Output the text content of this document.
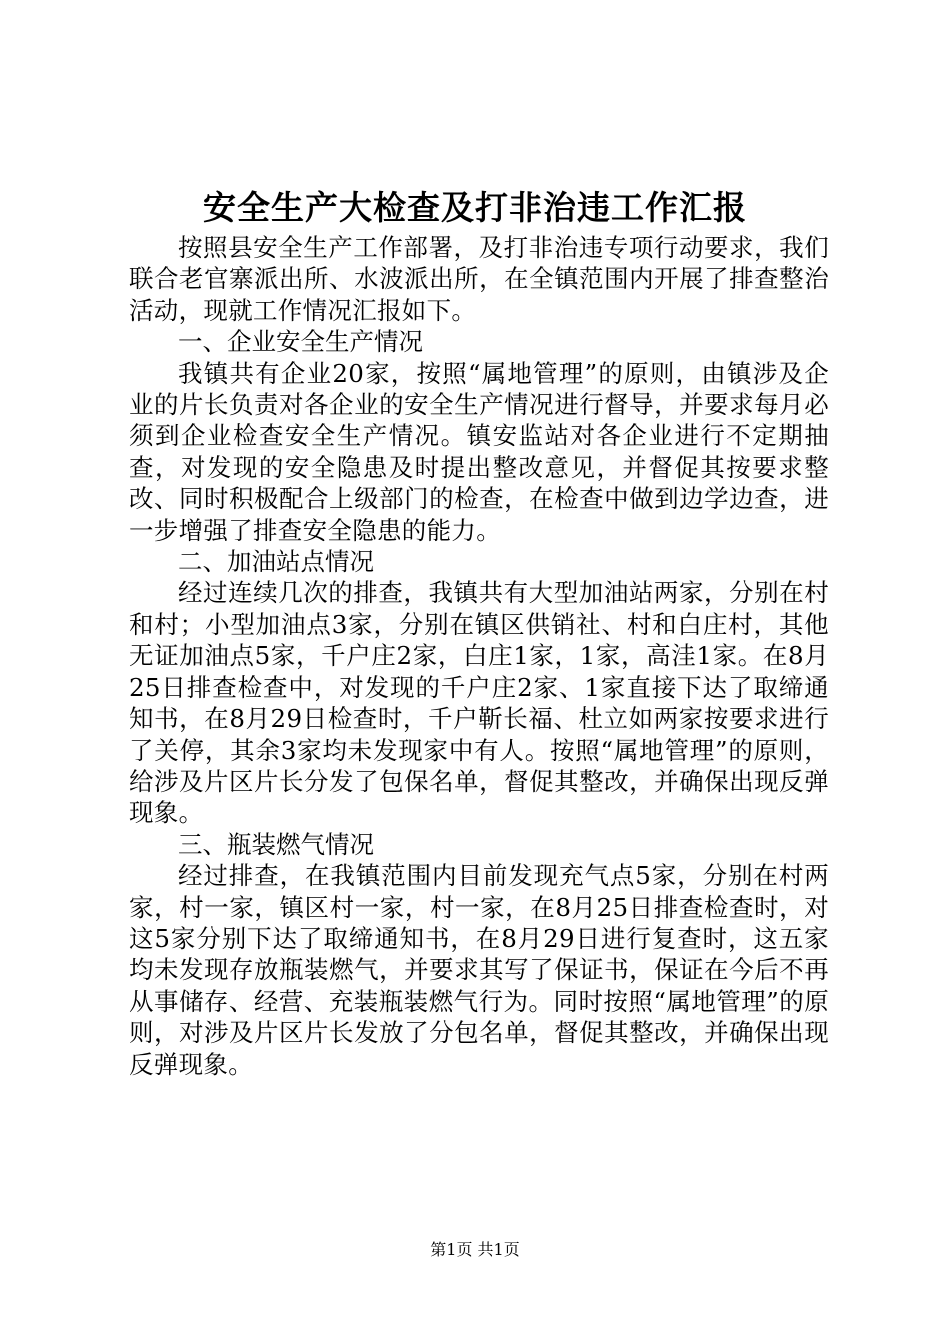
安全生产大检查及打非治违工作汇报

按照县安全生产工作部署，及打非治违专项行动要求，我们联合老官寨派出所、水波派出所，在全镇范围内开展了排查整治活动，现就工作情况汇报如下。

一、企业安全生产情况

我镇共有企业20家，按照“属地管理”的原则，由镇涉及企业的片长负责对各企业的安全生产情况进行督导，并要求每月必须到企业检查安全生产情况。镇安监站对各企业进行不定期抽查，对发现的安全隐患及时提出整改意见，并督促其按要求整改、同时积极配合上级部门的检查，在检查中做到边学边查，进一步增强了排查安全隐患的能力。

二、加油站点情况

经过连续几次的排查，我镇共有大型加油站两家，分别在村和村；小型加油点3家，分别在镇区供销社、村和白庄村，其他无证加油点5家，千户庄2家，白庄1家，1家，高洼1家。在8月25日排查检查中，对发现的千户庄2家、1家直接下达了取缔通知书，在8月29日检查时，千户靳长福、杜立如两家按要求进行了关停，其余3家均未发现家中有人。按照“属地管理”的原则，给涉及片区片长分发了包保名单，督促其整改，并确保出现反弹现象。

三、瓶装燃气情况

经过排查，在我镇范围内目前发现充气点5家，分别在村两家，村一家，镇区村一家，村一家，在8月25日排查检查时，对这5家分别下达了取缔通知书，在8月29日进行复查时，这五家均未发现存放瓶装燃气，并要求其写了保证书，保证在今后不再从事储存、经营、充装瓶装燃气行为。同时按照“属地管理”的原则，对涉及片区片长发放了分包名单，督促其整改，并确保出现反弹现象。

第1页 共1页
